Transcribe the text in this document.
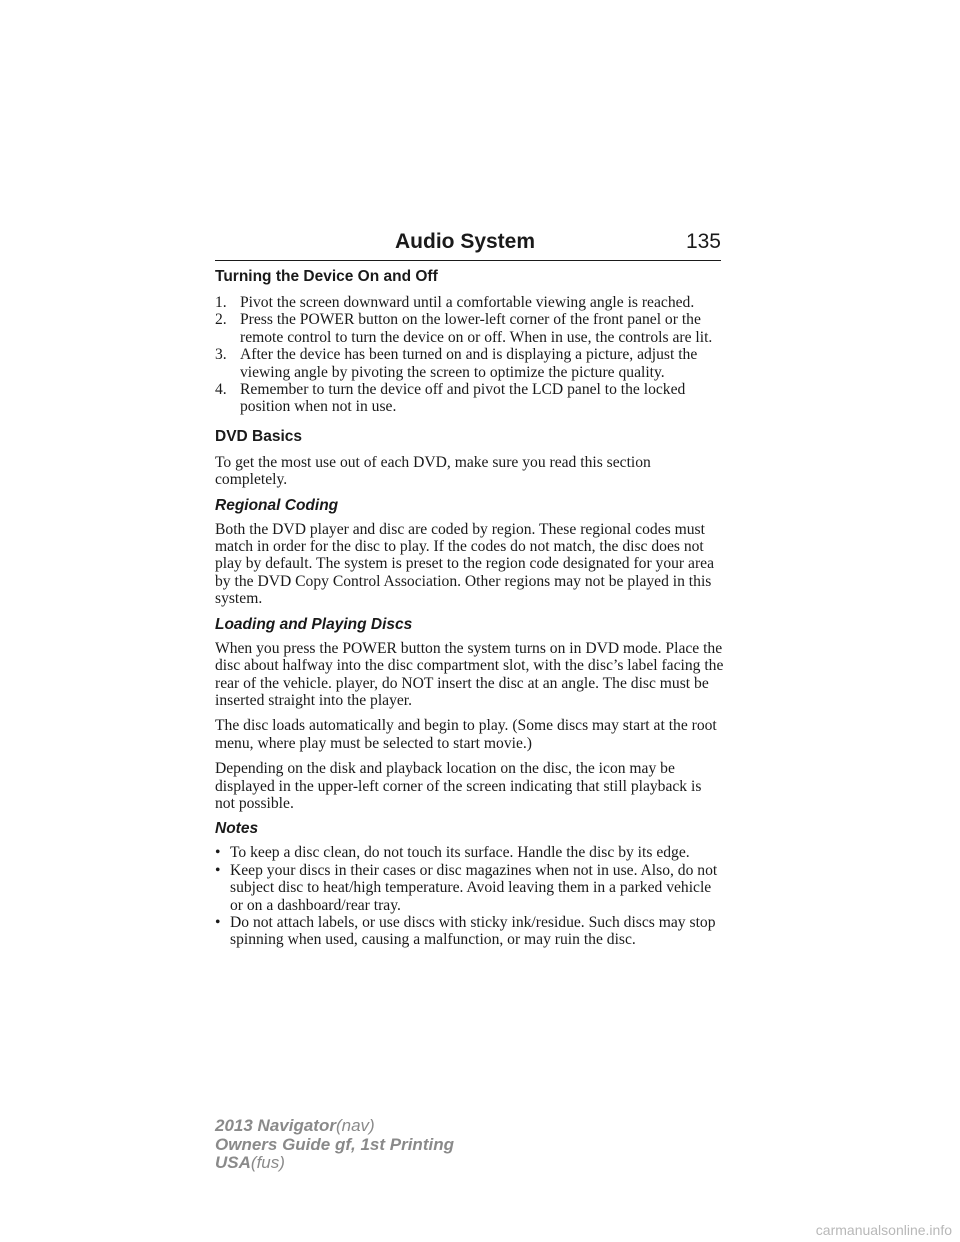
Audio System	135
Turning the Device On and Off
1. Pivot the screen downward until a comfortable viewing angle is reached.
2. Press the POWER button on the lower-left corner of the front panel or the remote control to turn the device on or off. When in use, the controls are lit.
3. After the device has been turned on and is displaying a picture, adjust the viewing angle by pivoting the screen to optimize the picture quality.
4. Remember to turn the device off and pivot the LCD panel to the locked position when not in use.
DVD Basics

To get the most use out of each DVD, make sure you read this section completely.

Regional Coding

Both the DVD player and disc are coded by region. These regional codes must match in order for the disc to play. If the codes do not match, the disc does not play by default. The system is preset to the region code designated for your area by the DVD Copy Control Association. Other regions may not be played in this system.

Loading and Playing Discs

When you press the POWER button the system turns on in DVD mode. Place the disc about halfway into the disc compartment slot, with the disc’s label facing the rear of the vehicle. player, do NOT insert the disc at an angle. The disc must be inserted straight into the player.

The disc loads automatically and begin to play. (Some discs may start at the root menu, where play must be selected to start movie.)

Depending on the disk and playback location on the disc, the icon may be displayed in the upper-left corner of the screen indicating that still playback is not possible.

Notes
• To keep a disc clean, do not touch its surface. Handle the disc by its edge.
• Keep your discs in their cases or disc magazines when not in use. Also, do not subject disc to heat/high temperature. Avoid leaving them in a parked vehicle or on a dashboard/rear tray.
• Do not attach labels, or use discs with sticky ink/residue. Such discs may stop spinning when used, causing a malfunction, or may ruin the disc.
2013 Navigator(nav)
Owners Guide gf, 1st Printing
USA(fus)
carmanualsonline.info
